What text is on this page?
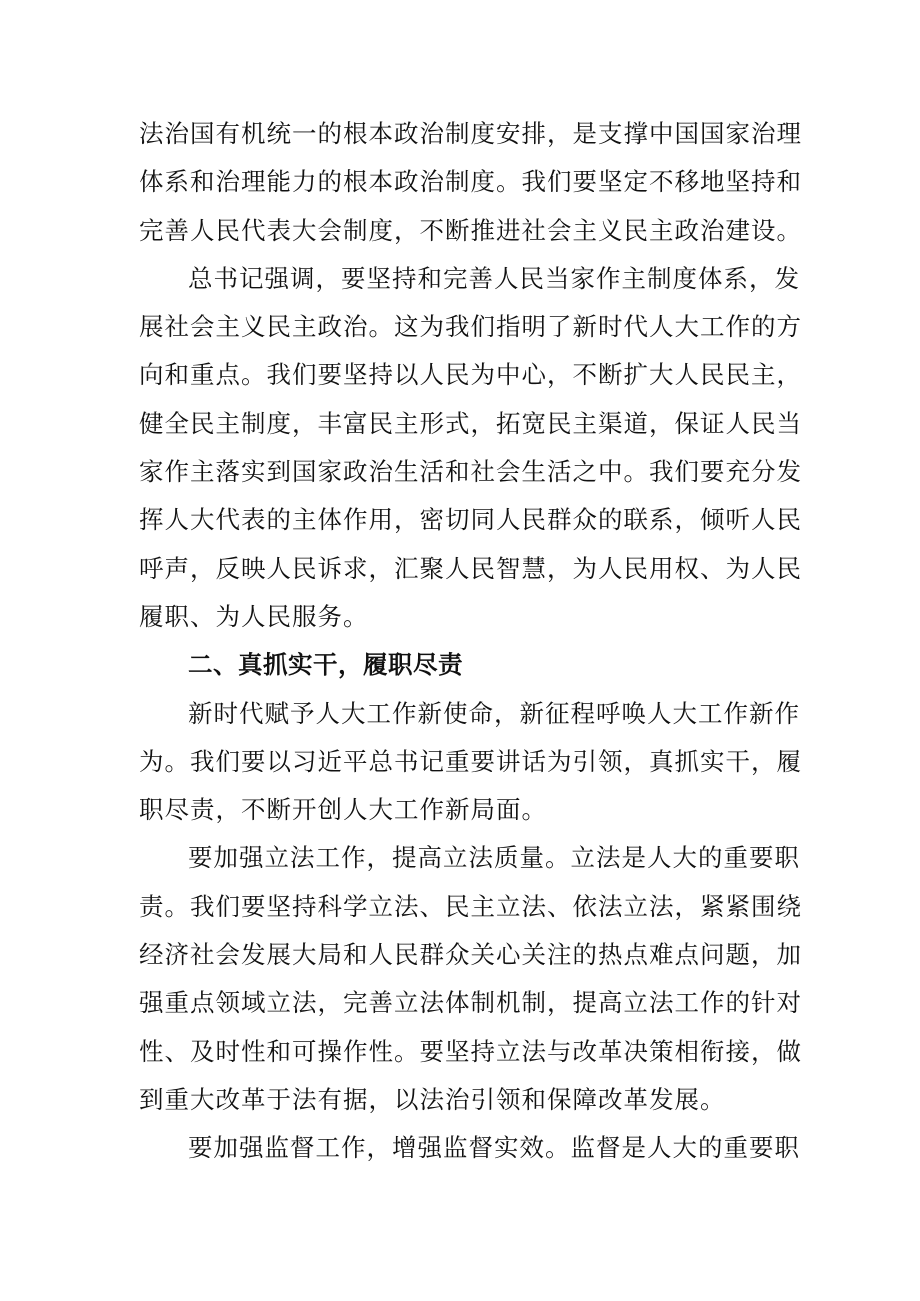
法治国有机统一的根本政治制度安排，是支撑中国国家治理
体系和治理能力的根本政治制度。我们要坚定不移地坚持和
完善人民代表大会制度，不断推进社会主义民主政治建设。
总书记强调，要坚持和完善人民当家作主制度体系，发
展社会主义民主政治。这为我们指明了新时代人大工作的方
向和重点。我们要坚持以人民为中心，不断扩大人民民主，
健全民主制度，丰富民主形式，拓宽民主渠道，保证人民当
家作主落实到国家政治生活和社会生活之中。我们要充分发
挥人大代表的主体作用，密切同人民群众的联系，倾听人民
呼声，反映人民诉求，汇聚人民智慧，为人民用权、为人民
履职、为人民服务。
二、真抓实干，履职尽责
新时代赋予人大工作新使命，新征程呼唤人大工作新作
为。我们要以习近平总书记重要讲话为引领，真抓实干，履
职尽责，不断开创人大工作新局面。
要加强立法工作，提高立法质量。立法是人大的重要职
责。我们要坚持科学立法、民主立法、依法立法，紧紧围绕
经济社会发展大局和人民群众关心关注的热点难点问题，加
强重点领域立法，完善立法体制机制，提高立法工作的针对
性、及时性和可操作性。要坚持立法与改革决策相衔接，做
到重大改革于法有据，以法治引领和保障改革发展。
要加强监督工作，增强监督实效。监督是人大的重要职
